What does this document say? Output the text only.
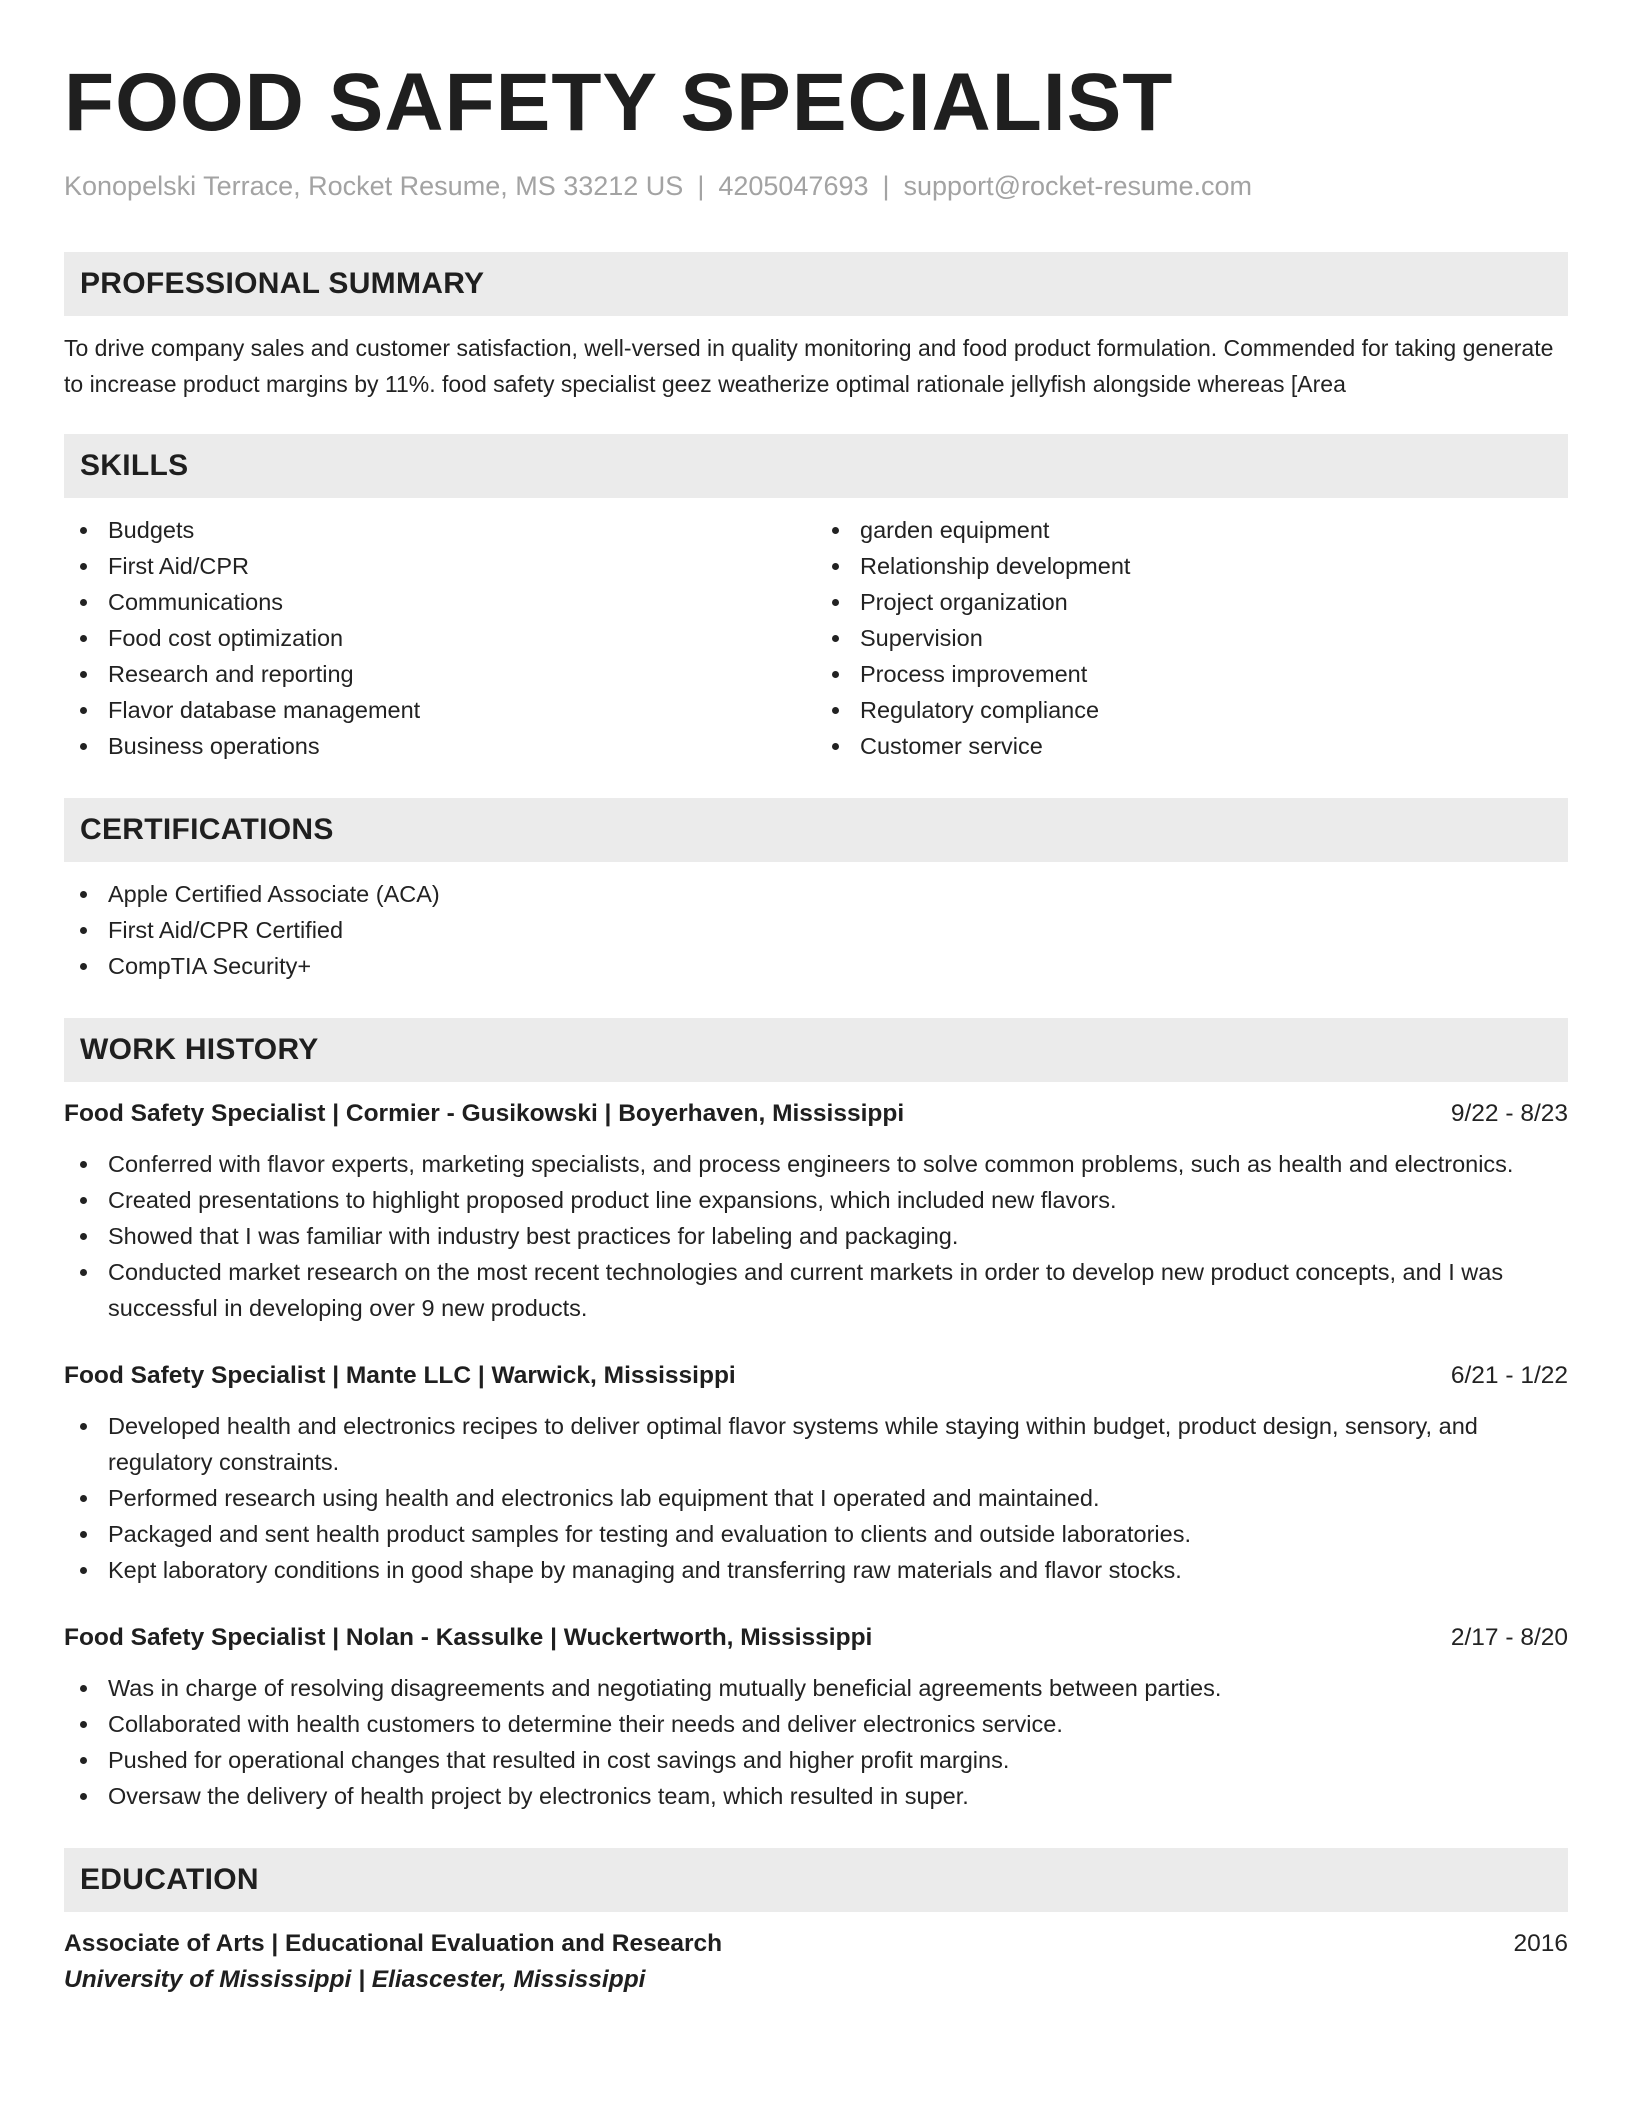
FOOD SAFETY SPECIALIST
Konopelski Terrace, Rocket Resume, MS 33212 US | 4205047693 | support@rocket-resume.com
PROFESSIONAL SUMMARY

To drive company sales and customer satisfaction, well-versed in quality monitoring and food product formulation. Commended for taking generate to increase product margins by 11%. food safety specialist geez weatherize optimal rationale jellyfish alongside whereas [Area

SKILLS
Budgets
First Aid/CPR
Communications
Food cost optimization
Research and reporting
Flavor database management
Business operations
garden equipment
Relationship development
Project organization
Supervision
Process improvement
Regulatory compliance
Customer service
CERTIFICATIONS
Apple Certified Associate (ACA)
First Aid/CPR Certified
CompTIA Security+
WORK HISTORY
Food Safety Specialist | Cormier - Gusikowski | Boyerhaven, Mississippi	9/22 - 8/23
Conferred with flavor experts, marketing specialists, and process engineers to solve common problems, such as health and electronics.
Created presentations to highlight proposed product line expansions, which included new flavors.
Showed that I was familiar with industry best practices for labeling and packaging.
Conducted market research on the most recent technologies and current markets in order to develop new product concepts, and I was successful in developing over 9 new products.
Food Safety Specialist | Mante LLC | Warwick, Mississippi	6/21 - 1/22
Developed health and electronics recipes to deliver optimal flavor systems while staying within budget, product design, sensory, and regulatory constraints.
Performed research using health and electronics lab equipment that I operated and maintained.
Packaged and sent health product samples for testing and evaluation to clients and outside laboratories.
Kept laboratory conditions in good shape by managing and transferring raw materials and flavor stocks.
Food Safety Specialist | Nolan - Kassulke | Wuckertworth, Mississippi	2/17 - 8/20
Was in charge of resolving disagreements and negotiating mutually beneficial agreements between parties.
Collaborated with health customers to determine their needs and deliver electronics service.
Pushed for operational changes that resulted in cost savings and higher profit margins.
Oversaw the delivery of health project by electronics team, which resulted in super.
EDUCATION
Associate of Arts | Educational Evaluation and Research	2016
University of Mississippi | Eliascester, Mississippi
